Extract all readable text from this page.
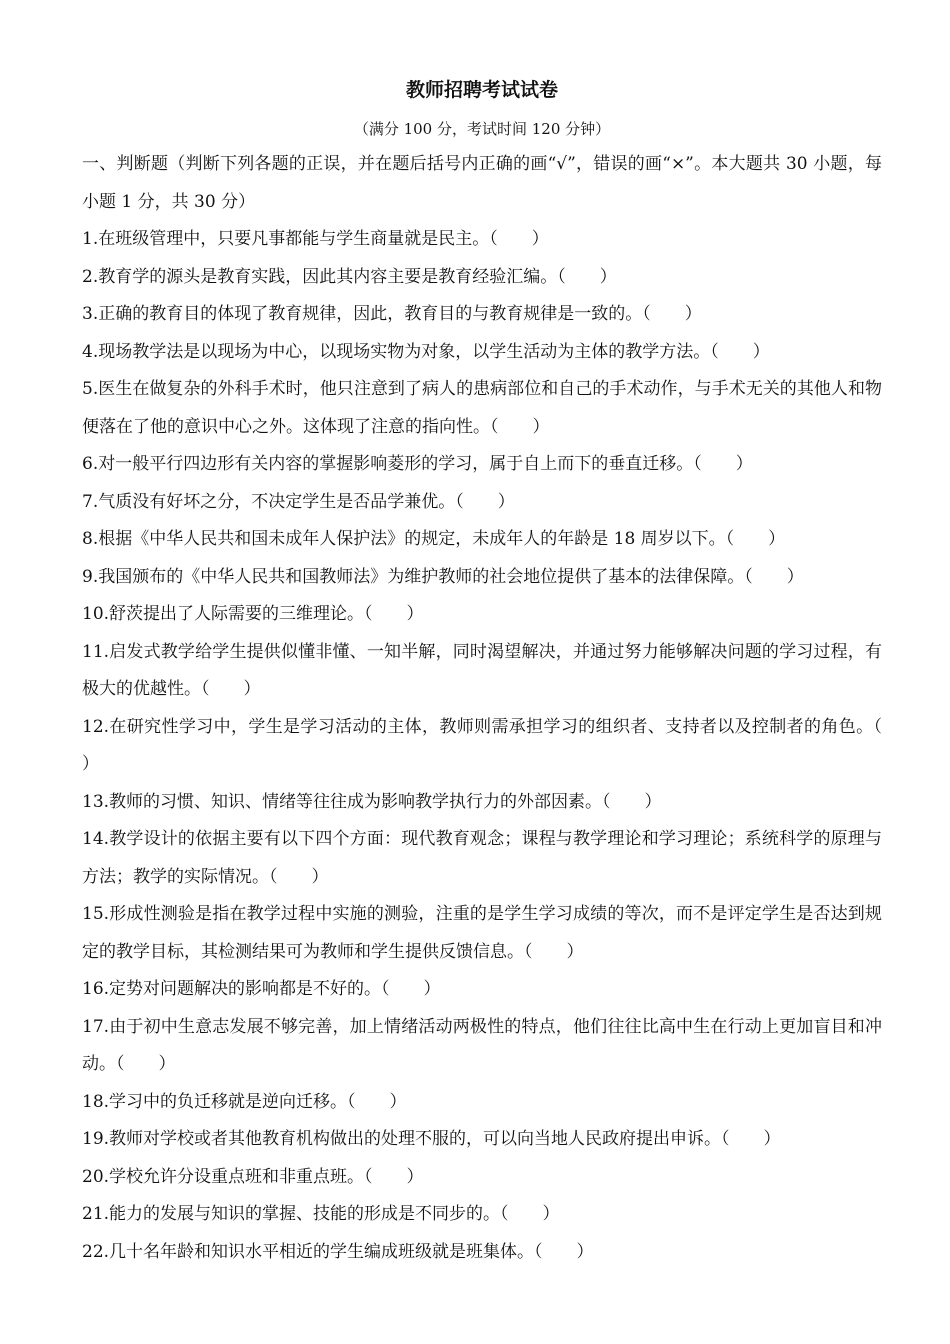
教师招聘考试试卷
（满分 100 分，考试时间 120 分钟）

一、判断题（判断下列各题的正误，并在题后括号内正确的画“√”，错误的画“×”。本大题共 30 小题，每小题 1 分，共 30 分）

1.在班级管理中，只要凡事都能与学生商量就是民主。（　　）

2.教育学的源头是教育实践，因此其内容主要是教育经验汇编。（　　）

3.正确的教育目的体现了教育规律，因此，教育目的与教育规律是一致的。（　　）

4.现场教学法是以现场为中心，以现场实物为对象，以学生活动为主体的教学方法。（　　）

5.医生在做复杂的外科手术时，他只注意到了病人的患病部位和自己的手术动作，与手术无关的其他人和物便落在了他的意识中心之外。这体现了注意的指向性。（　　）

6.对一般平行四边形有关内容的掌握影响菱形的学习，属于自上而下的垂直迁移。（　　）

7.气质没有好坏之分，不决定学生是否品学兼优。（　　）

8.根据《中华人民共和国未成年人保护法》的规定，未成年人的年龄是 18 周岁以下。（　　）

9.我国颁布的《中华人民共和国教师法》为维护教师的社会地位提供了基本的法律保障。（　　）

10.舒茨提出了人际需要的三维理论。（　　）

11.启发式教学给学生提供似懂非懂、一知半解，同时渴望解决，并通过努力能够解决问题的学习过程，有极大的优越性。（　　）

12.在研究性学习中，学生是学习活动的主体，教师则需承担学习的组织者、支持者以及控制者的角色。（　　）

13.教师的习惯、知识、情绪等往往成为影响教学执行力的外部因素。（　　）

14.教学设计的依据主要有以下四个方面：现代教育观念；课程与教学理论和学习理论；系统科学的原理与方法；教学的实际情况。（　　）

15.形成性测验是指在教学过程中实施的测验，注重的是学生学习成绩的等次，而不是评定学生是否达到规定的教学目标，其检测结果可为教师和学生提供反馈信息。（　　）

16.定势对问题解决的影响都是不好的。（　　）

17.由于初中生意志发展不够完善，加上情绪活动两极性的特点，他们往往比高中生在行动上更加盲目和冲动。（　　）

18.学习中的负迁移就是逆向迁移。（　　）

19.教师对学校或者其他教育机构做出的处理不服的，可以向当地人民政府提出申诉。（　　）

20.学校允许分设重点班和非重点班。（　　）

21.能力的发展与知识的掌握、技能的形成是不同步的。（　　）

22.几十名年龄和知识水平相近的学生编成班级就是班集体。（　　）
